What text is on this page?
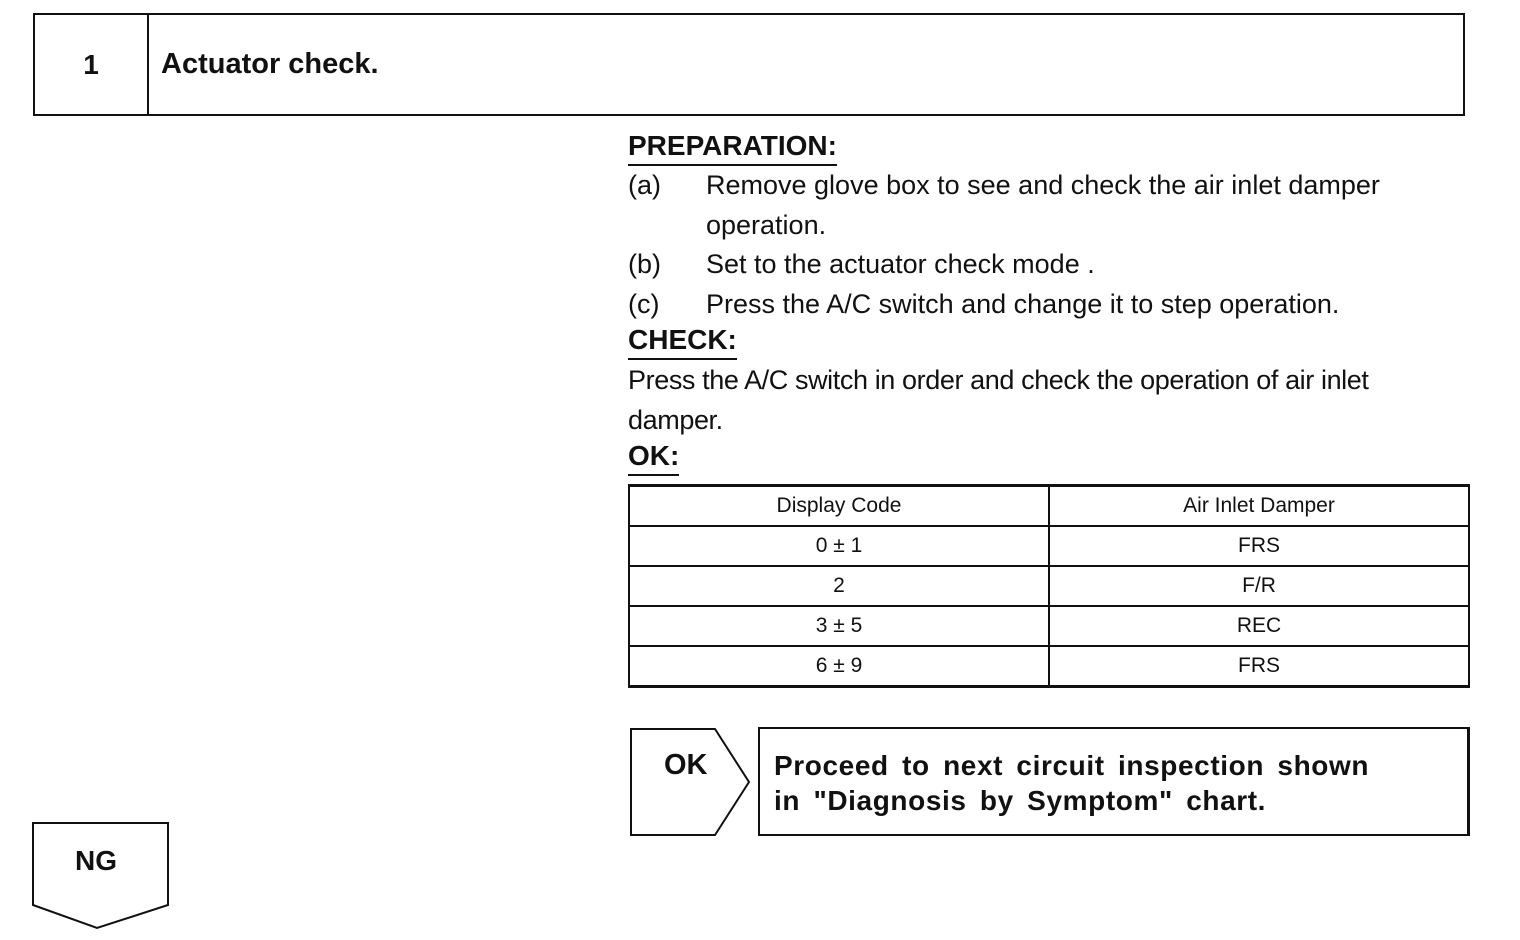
1	Actuator check.
PREPARATION:
(a)	Remove glove box to see and check the air inlet damper operation.
(b)	Set to the actuator check mode .
(c)	Press the A/C switch and change it to step operation.
CHECK:
Press the A/C switch in order and check the operation of air inlet damper.
OK:
Display Code	Air Inlet Damper
0 ± 1	FRS
2	F/R
3 ± 5	REC
6 ± 9	FRS
OK Proceed to next circuit inspection shown
in "Diagnosis by Symptom" chart.
NG
